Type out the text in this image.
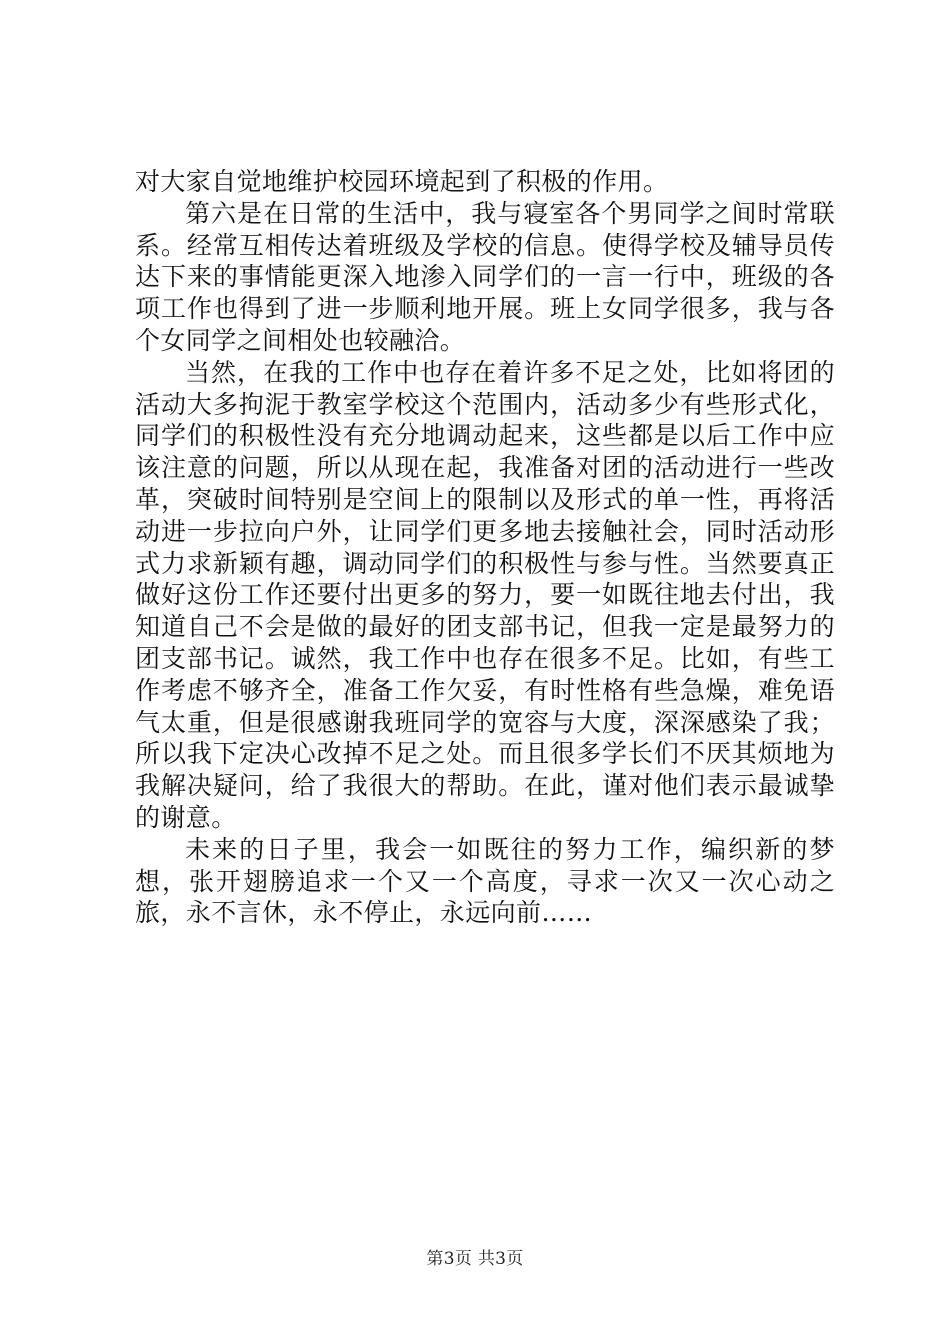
对大家自觉地维护校园环境起到了积极的作用。

第六是在日常的生活中，我与寝室各个男同学之间时常联系。经常互相传达着班级及学校的信息。使得学校及辅导员传达下来的事情能更深入地渗入同学们的一言一行中，班级的各项工作也得到了进一步顺利地开展。班上女同学很多，我与各个女同学之间相处也较融洽。

当然，在我的工作中也存在着许多不足之处，比如将团的活动大多拘泥于教室学校这个范围内，活动多少有些形式化，同学们的积极性没有充分地调动起来，这些都是以后工作中应该注意的问题，所以从现在起，我准备对团的活动进行一些改革，突破时间特别是空间上的限制以及形式的单一性，再将活动进一步拉向户外，让同学们更多地去接触社会，同时活动形式力求新颖有趣，调动同学们的积极性与参与性。当然要真正做好这份工作还要付出更多的努力，要一如既往地去付出，我知道自己不会是做的最好的团支部书记，但我一定是最努力的团支部书记。诚然，我工作中也存在很多不足。比如，有些工作考虑不够齐全，准备工作欠妥，有时性格有些急燥，难免语气太重，但是很感谢我班同学的宽容与大度，深深感染了我；所以我下定决心改掉不足之处。而且很多学长们不厌其烦地为我解决疑问，给了我很大的帮助。在此，谨对他们表示最诚挚的谢意。

未来的日子里，我会一如既往的努力工作，编织新的梦想，张开翅膀追求一个又一个高度，寻求一次又一次心动之旅，永不言休，永不停止，永远向前……

第3页 共3页
